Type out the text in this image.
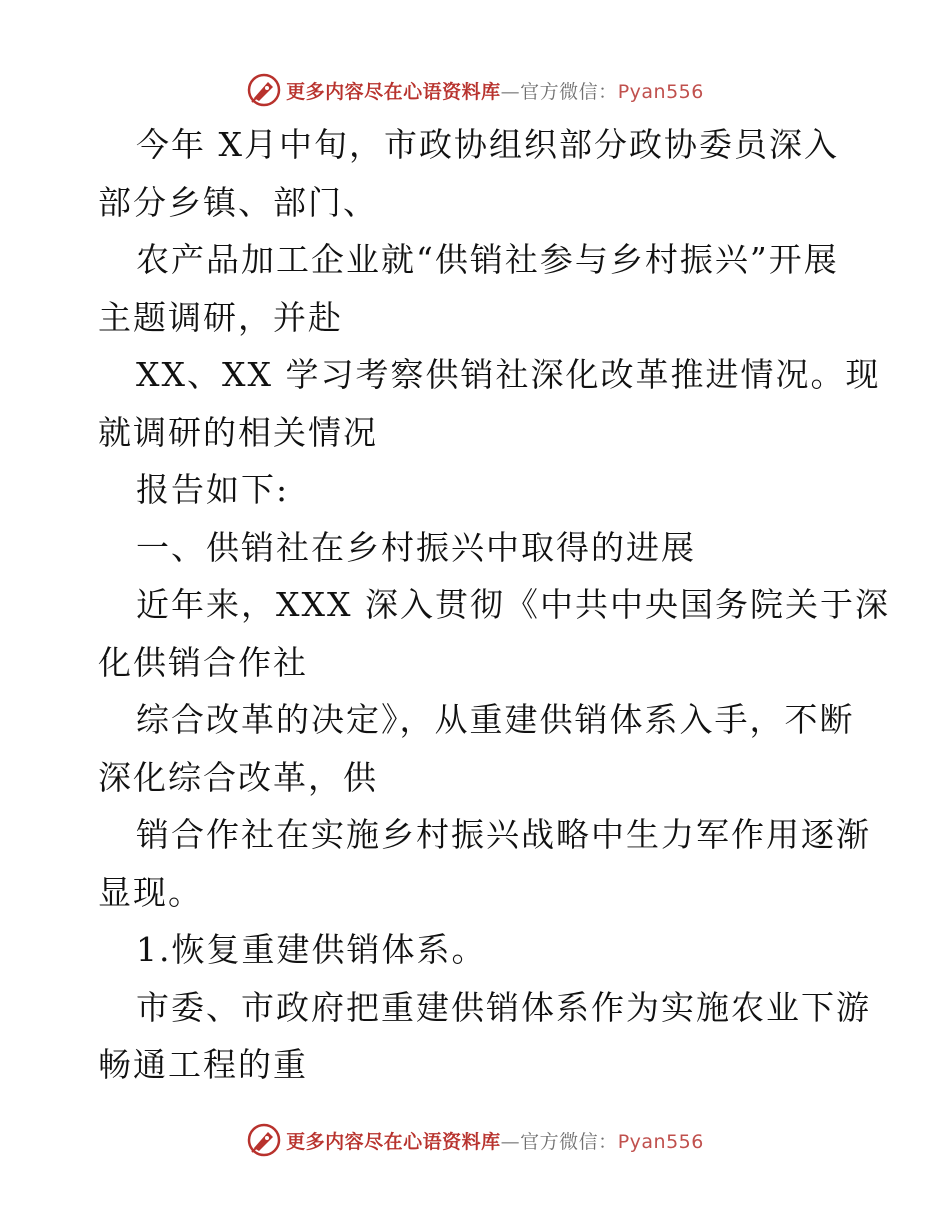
更多内容尽在心语资料库—官方微信：Pyan556
今年 X月中旬，市政协组织部分政协委员深入
部分乡镇、部门、
农产品加工企业就“供销社参与乡村振兴”开展
主题调研，并赴
XX、XX 学习考察供销社深化改革推进情况。现
就调研的相关情况
报告如下:
一、供销社在乡村振兴中取得的进展
近年来，XXX 深入贯彻《中共中央国务院关于深
化供销合作社
综合改革的决定》，从重建供销体系入手，不断
深化综合改革，供
销合作社在实施乡村振兴战略中生力军作用逐渐
显现。
1.恢复重建供销体系。
市委、市政府把重建供销体系作为实施农业下游
畅通工程的重
更多内容尽在心语资料库—官方微信：Pyan556
